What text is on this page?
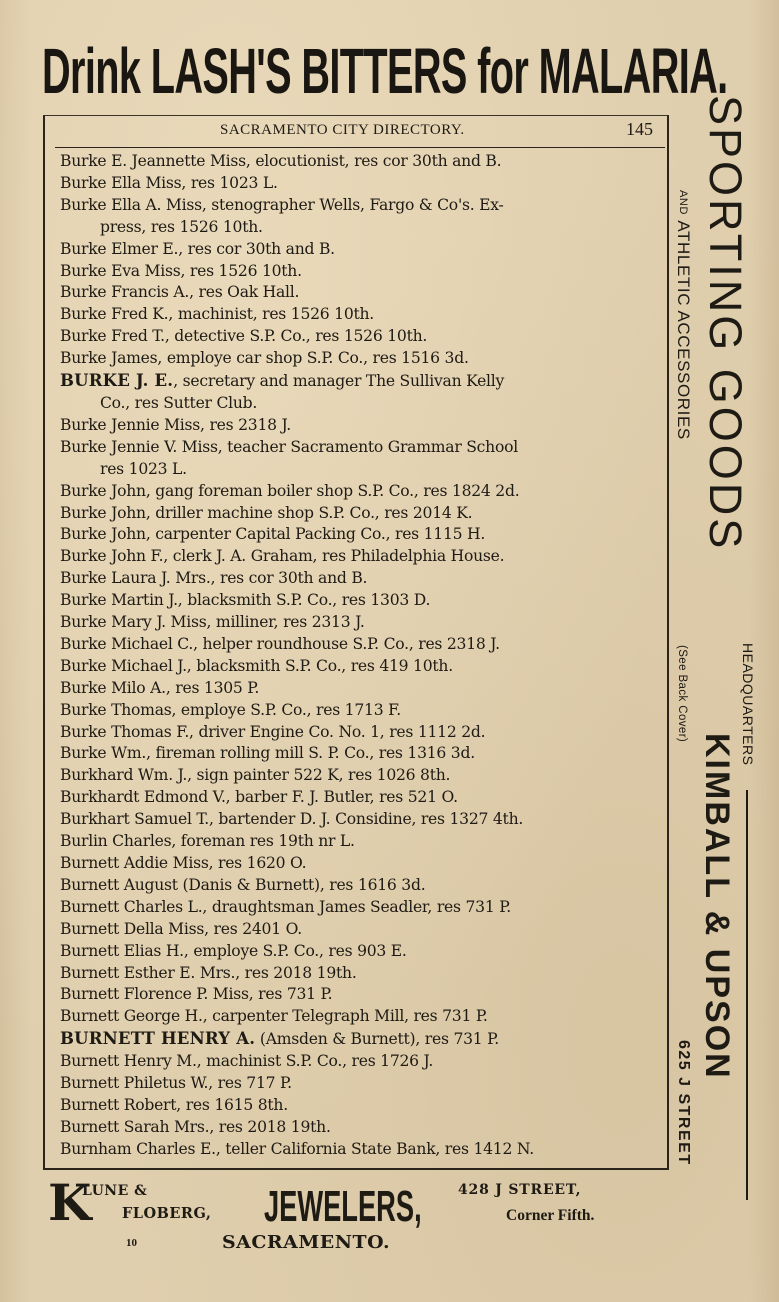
Drink LASH'S BITTERS for MALARIA.
SACRAMENTO CITY DIRECTORY.	145
Burke E. Jeannette Miss, elocutionist, res cor 30th and B.
Burke Ella Miss, res 1023 L.
Burke Ella A. Miss, stenographer Wells, Fargo & Co's. Ex-
press, res 1526 10th.
Burke Elmer E., res cor 30th and B.
Burke Eva Miss, res 1526 10th.
Burke Francis A., res Oak Hall.
Burke Fred K., machinist, res 1526 10th.
Burke Fred T., detective S.P. Co., res 1526 10th.
Burke James, employe car shop S.P. Co., res 1516 3d.
BURKE J. E., secretary and manager The Sullivan Kelly
Co., res Sutter Club.
Burke Jennie Miss, res 2318 J.
Burke Jennie V. Miss, teacher Sacramento Grammar School
res 1023 L.
Burke John, gang foreman boiler shop S.P. Co., res 1824 2d.
Burke John, driller machine shop S.P. Co., res 2014 K.
Burke John, carpenter Capital Packing Co., res 1115 H.
Burke John F., clerk J. A. Graham, res Philadelphia House.
Burke Laura J. Mrs., res cor 30th and B.
Burke Martin J., blacksmith S.P. Co., res 1303 D.
Burke Mary J. Miss, milliner, res 2313 J.
Burke Michael C., helper roundhouse S.P. Co., res 2318 J.
Burke Michael J., blacksmith S.P. Co., res 419 10th.
Burke Milo A., res 1305 P.
Burke Thomas, employe S.P. Co., res 1713 F.
Burke Thomas F., driver Engine Co. No. 1, res 1112 2d.
Burke Wm., fireman rolling mill S. P. Co., res 1316 3d.
Burkhard Wm. J., sign painter 522 K, res 1026 8th.
Burkhardt Edmond V., barber F. J. Butler, res 521 O.
Burkhart Samuel T., bartender D. J. Considine, res 1327 4th.
Burlin Charles, foreman res 19th nr L.
Burnett Addie Miss, res 1620 O.
Burnett August (Danis & Burnett), res 1616 3d.
Burnett Charles L., draughtsman James Seadler, res 731 P.
Burnett Della Miss, res 2401 O.
Burnett Elias H., employe S.P. Co., res 903 E.
Burnett Esther E. Mrs., res 2018 19th.
Burnett Florence P. Miss, res 731 P.
Burnett George H., carpenter Telegraph Mill, res 731 P.
BURNETT HENRY A. (Amsden & Burnett), res 731 P.
Burnett Henry M., machinist S.P. Co., res 1726 J.
Burnett Philetus W., res 717 P.
Burnett Robert, res 1615 8th.
Burnett Sarah Mrs., res 2018 19th.
Burnham Charles E., teller California State Bank, res 1412 N.
SPORTING GOODS
AND ATHLETIC ACCESSORIES
HEADQUARTERS
(See Back Cover)
KIMBALL & UPSON
625 J STREET
K
LUNE &
FLOBERG, JEWELERS,	428 J STREET,
Corner Fifth.
10	SACRAMENTO.
